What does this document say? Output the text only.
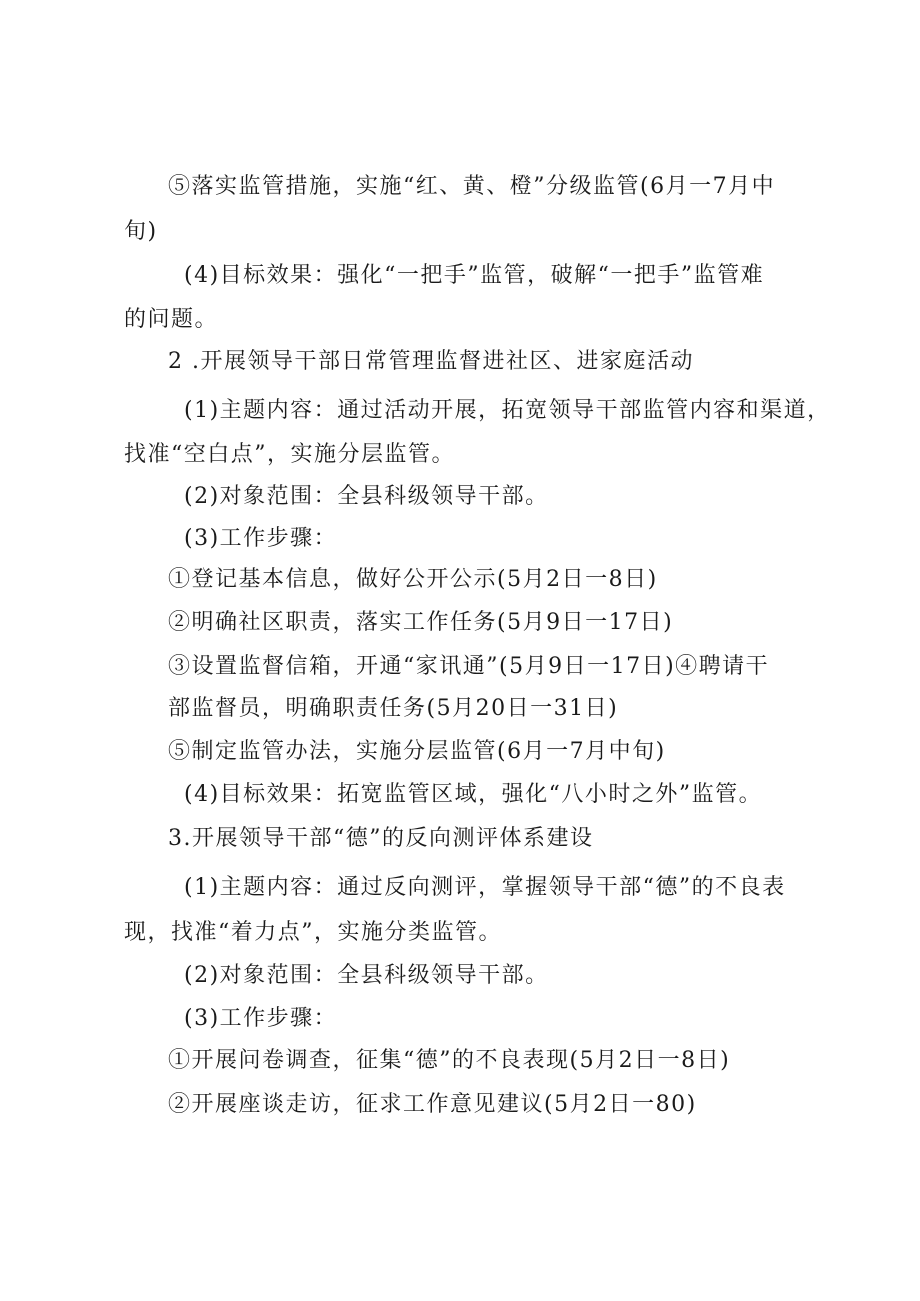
⑤落实监管措施，实施“红、黄、橙”分级监管(6月一7月中
旬)
(4)目标效果：强化“一把手”监管，破解“一把手”监管难
的问题。
2 .开展领导干部日常管理监督进社区、进家庭活动
(1)主题内容：通过活动开展，拓宽领导干部监管内容和渠道，
找准“空白点”，实施分层监管。
(2)对象范围：全县科级领导干部。
(3)工作步骤：
①登记基本信息，做好公开公示(5月2日一8日)
②明确社区职责，落实工作任务(5月9日一17日)
③设置监督信箱，开通“家讯通”(5月9日一17日)④聘请干
部监督员，明确职责任务(5月20日一31日)
⑤制定监管办法，实施分层监管(6月一7月中旬)
(4)目标效果：拓宽监管区域，强化“八小时之外”监管。
3.开展领导干部“德”的反向测评体系建设
(1)主题内容：通过反向测评，掌握领导干部“德”的不良表
现，找准“着力点”，实施分类监管。
(2)对象范围：全县科级领导干部。
(3)工作步骤：
①开展问卷调查，征集“德”的不良表现(5月2日一8日)
②开展座谈走访，征求工作意见建议(5月2日一80)
